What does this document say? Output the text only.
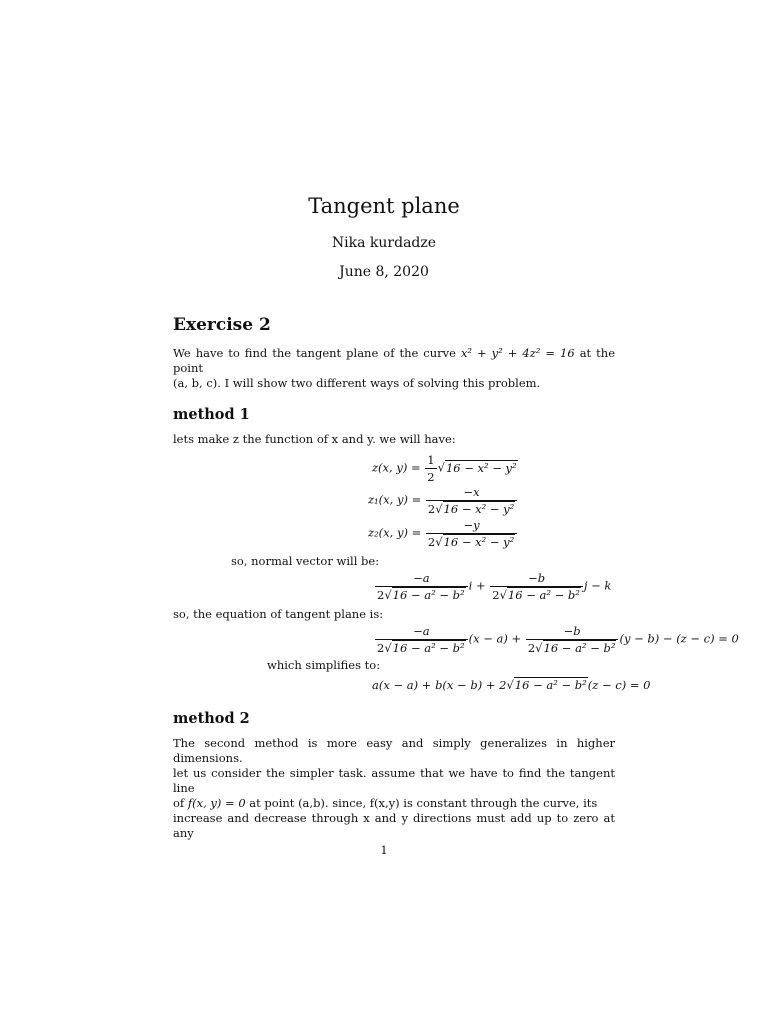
Tangent plane
Nika kurdadze
June 8, 2020
Exercise 2
We have to find the tangent plane of the curve x² + y² + 4z² = 16 at the point
(a, b, c). I will show two different ways of solving this problem.
method 1
lets make z the function of x and y. we will have:
z(x, $y) = \frac{1}{2} √16 - x^2 - y^2$
z₁(x, $y) = \frac{-x}{\text{2√16 − x² − y²}}$
z₂(x, $y) = \frac{-y}{\text{2√16 − x² − y²}}$
so, normal vector will be:
$\frac{-a}{\text{2√16 − a² − b²}}$ $i + \frac{-b}{\text{2√16 − a² − b²}}$ j − k
so, the equation of tangent plane is:
$\frac{-a}{\text{2√16 − a² − b²}} (x - a) + \frac{-b}{\text{2√16 − a² − b²}} (y - b) - (z - c) = 0$
which simplifies to:
a(x − a) + b(x − b) + 2√16 − a² − b²(z − c) = 0
method 2
The second method is more easy and simply generalizes in higher dimensions.
let us consider the simpler task. assume that we have to find the tangent line
of f(x, y) = 0 at point (a,b). since, f(x,y) is constant through the curve, its
increase and decrease through x and y directions must add up to zero at any
1
